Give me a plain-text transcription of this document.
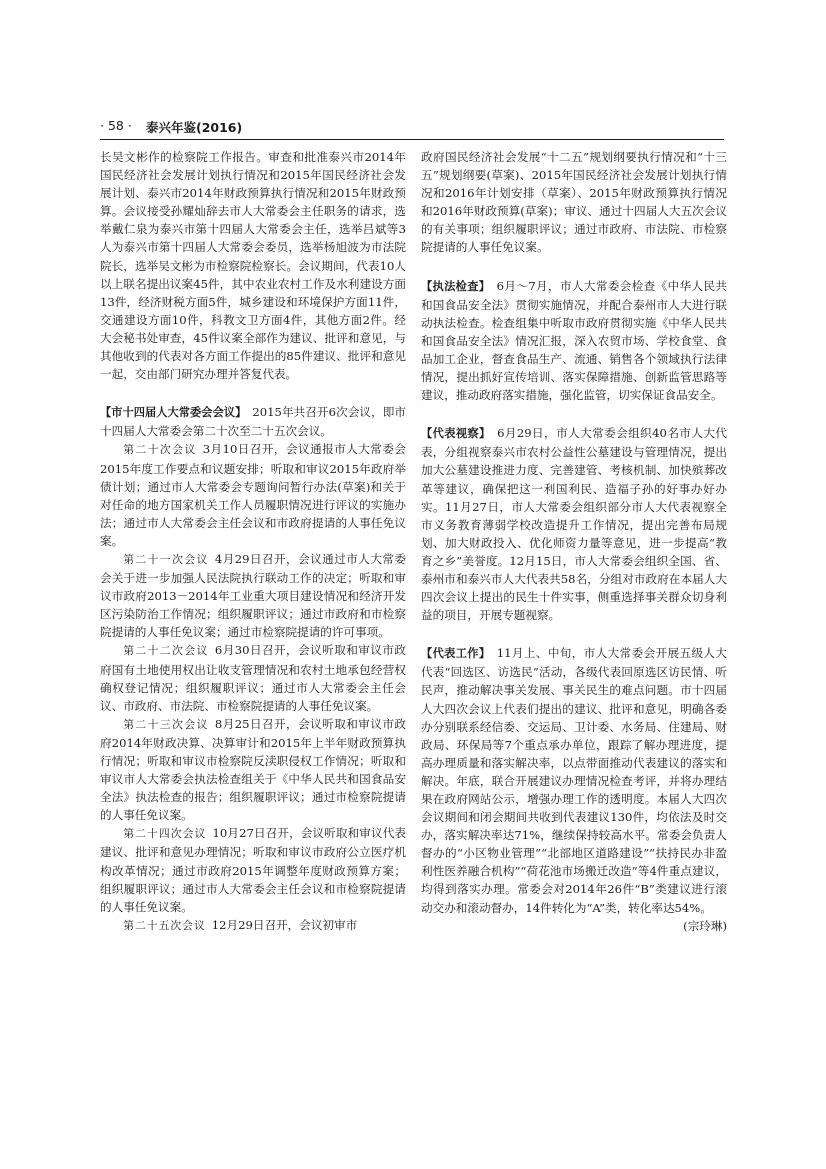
· 58 · 泰兴年鉴(2016)

长吴文彬作的检察院工作报告。审查和批准泰兴市2014年国民经济社会发展计划执行情况和2015年国民经济社会发展计划、泰兴市2014年财政预算执行情况和2015年财政预算。会议接受孙耀灿辞去市人大常委会主任职务的请求，选举戴仁泉为泰兴市第十四届人大常委会主任，选举吕斌等3人为泰兴市第十四届人大常委会委员，选举杨旭波为市法院院长，选举吴文彬为市检察院检察长。会议期间，代表10人以上联名提出议案45件，其中农业农村工作及水利建设方面13件，经济财税方面5件，城乡建设和环境保护方面11件，交通建设方面10件，科教文卫方面4件，其他方面2件。经大会秘书处审查，45件议案全部作为建议、批评和意见，与其他收到的代表对各方面工作提出的85件建议、批评和意见一起，交由部门研究办理并答复代表。

【市十四届人大常委会会议】　 2015年共召开6次会议，即市十四届人大常委会第二十次至二十五次会议。

第二十次会议 3月10日召开，会议通报市人大常委会2015年度工作要点和议题安排；听取和审议2015年政府举债计划；通过市人大常委会专题询问暂行办法(草案)和关于对任命的地方国家机关工作人员履职情况进行评议的实施办法；通过市人大常委会主任会议和市政府提请的人事任免议案。

第二十一次会议 4月29日召开，会议通过市人大常委会关于进一步加强人民法院执行联动工作的决定；听取和审议市政府2013－2014年工业重大项目建设情况和经济开发区污染防治工作情况；组织履职评议；通过市政府和市检察院提请的人事任免议案；通过市检察院提请的许可事项。

第二十二次会议 6月30日召开，会议听取和审议市政府国有土地使用权出让收支管理情况和农村土地承包经营权确权登记情况；组织履职评议；通过市人大常委会主任会议、市政府、市法院、市检察院提请的人事任免议案。

第二十三次会议 8月25日召开，会议听取和审议市政府2014年财政决算、决算审计和2015年上半年财政预算执行情况；听取和审议市检察院反渎职侵权工作情况；听取和审议市人大常委会执法检查组关于《中华人民共和国食品安全法》执法检查的报告；组织履职评议；通过市检察院提请的人事任免议案。

第二十四次会议 10月27日召开，会议听取和审议代表建议、批评和意见办理情况；听取和审议市政府公立医疗机构改革情况；通过市政府2015年调整年度财政预算方案；组织履职评议；通过市人大常委会主任会议和市检察院提请的人事任免议案。

第二十五次会议 12月29日召开，会议初审市

政府国民经济社会发展“十二五”规划纲要执行情况和“十三五”规划纲要(草案)、2015年国民经济社会发展计划执行情况和2016年计划安排（草案）、2015年财政预算执行情况和2016年财政预算(草案)；审议、通过十四届人大五次会议的有关事项；组织履职评议；通过市政府、市法院、市检察院提请的人事任免议案。

【执法检查】　 6月～7月，市人大常委会检查《中华人民共和国食品安全法》贯彻实施情况，并配合泰州市人大进行联动执法检查。检查组集中听取市政府贯彻实施《中华人民共和国食品安全法》情况汇报，深入农贸市场、学校食堂、食品加工企业，督查食品生产、流通、销售各个领域执行法律情况，提出抓好宣传培训、落实保障措施、创新监管思路等建议，推动政府落实措施，强化监管，切实保证食品安全。

【代表视察】　 6月29日，市人大常委会组织40名市人大代表，分组视察泰兴市农村公益性公墓建设与管理情况，提出加大公墓建设推进力度、完善建管、考核机制、加快殡葬改革等建议，确保把这一利国利民、造福子孙的好事办好办实。11月27日，市人大常委会组织部分市人大代表视察全市义务教育薄弱学校改造提升工作情况，提出完善布局规划、加大财政投入、优化师资力量等意见，进一步提高“教育之乡”美誉度。12月15日，市人大常委会组织全国、省、泰州市和泰兴市人大代表共58名，分组对市政府在本届人大四次会议上提出的民生十件实事，侧重选择事关群众切身利益的项目，开展专题视察。

【代表工作】　 11月上、中旬，市人大常委会开展五级人大代表“回选区、访选民”活动，各级代表回原选区访民情、听民声，推动解决事关发展、事关民生的难点问题。市十四届人大四次会议上代表们提出的建议、批评和意见，明确各委办分别联系经信委、交运局、卫计委、水务局、住建局、财政局、环保局等7个重点承办单位，跟踪了解办理进度，提高办理质量和落实解决率，以点带面推动代表建议的落实和解决。年底，联合开展建议办理情况检查考评，并将办理结果在政府网站公示，增强办理工作的透明度。本届人大四次会议期间和闭会期间共收到代表建议130件，均依法及时交办，落实解决率达71%，继续保持较高水平。常委会负责人督办的“小区物业管理”“北部地区道路建设”“扶持民办非盈利性医养融合机构”“荷花池市场搬迁改造”等4件重点建议，均得到落实办理。常委会对2014年26件“B”类建议进行滚动交办和滚动督办，14件转化为“A”类，转化率达54%。
(宗玲琳)
